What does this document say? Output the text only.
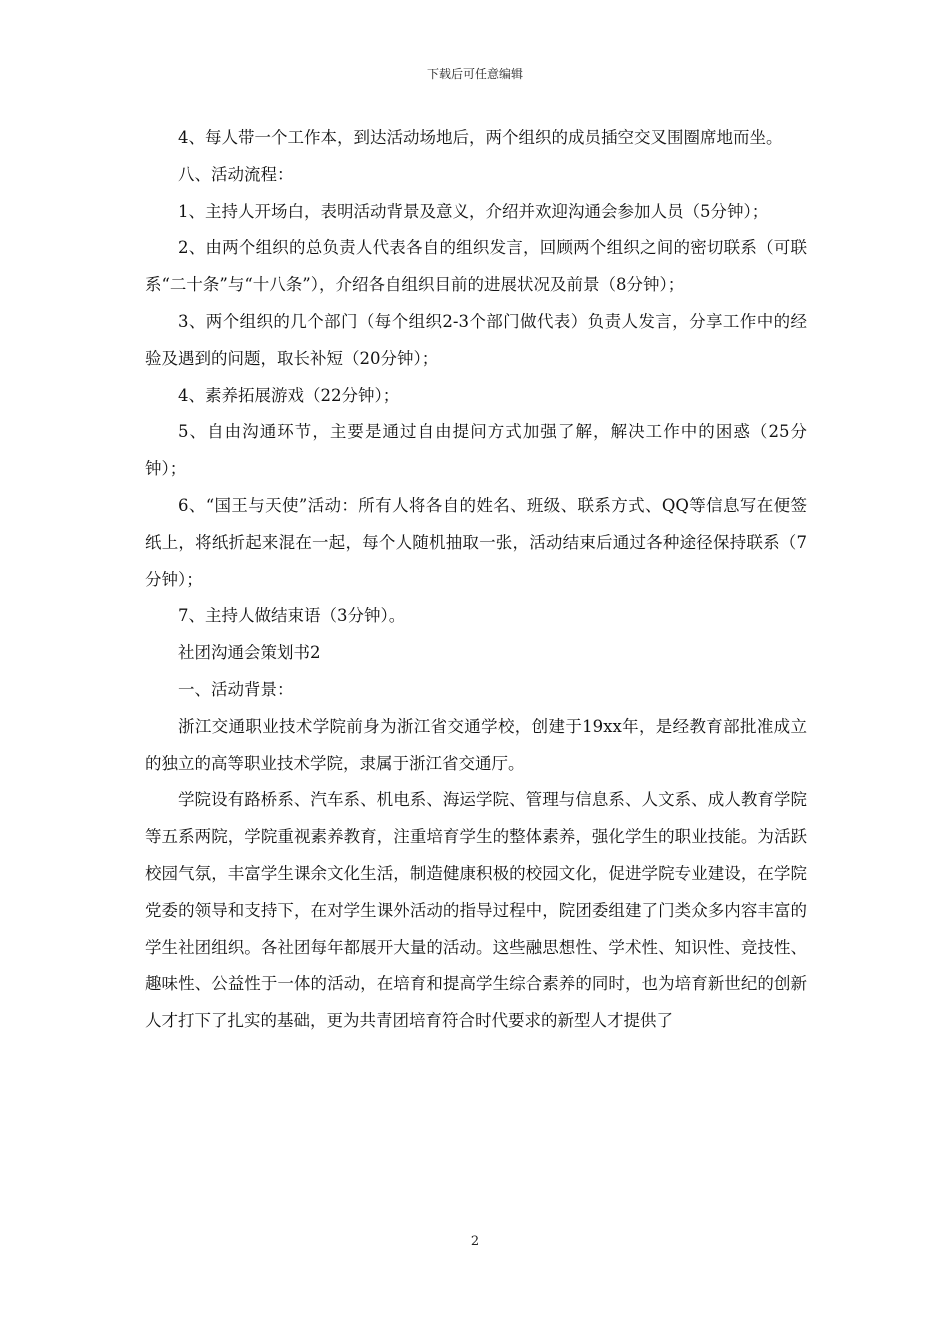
下载后可任意编辑

4、每人带一个工作本，到达活动场地后，两个组织的成员插空交叉围圈席地而坐。

八、活动流程：

1、主持人开场白，表明活动背景及意义，介绍并欢迎沟通会参加人员（5分钟）；

2、由两个组织的总负责人代表各自的组织发言，回顾两个组织之间的密切联系（可联系“二十条”与“十八条”），介绍各自组织目前的进展状况及前景（8分钟）；

3、两个组织的几个部门（每个组织2-3个部门做代表）负责人发言，分享工作中的经验及遇到的问题，取长补短（20分钟）；

4、素养拓展游戏（22分钟）；

5、自由沟通环节，主要是通过自由提问方式加强了解，解决工作中的困惑（25分钟）；

6、“国王与天使”活动：所有人将各自的姓名、班级、联系方式、QQ等信息写在便签纸上，将纸折起来混在一起，每个人随机抽取一张，活动结束后通过各种途径保持联系（7分钟）；

7、主持人做结束语（3分钟）。

社团沟通会策划书2

一、活动背景：

浙江交通职业技术学院前身为浙江省交通学校，创建于19xx年，是经教育部批准成立的独立的高等职业技术学院，隶属于浙江省交通厅。

学院设有路桥系、汽车系、机电系、海运学院、管理与信息系、人文系、成人教育学院等五系两院，学院重视素养教育，注重培育学生的整体素养，强化学生的职业技能。为活跃校园气氛，丰富学生课余文化生活，制造健康积极的校园文化，促进学院专业建设，在学院党委的领导和支持下，在对学生课外活动的指导过程中，院团委组建了门类众多内容丰富的学生社团组织。各社团每年都展开大量的活动。这些融思想性、学术性、知识性、竞技性、趣味性、公益性于一体的活动，在培育和提高学生综合素养的同时，也为培育新世纪的创新人才打下了扎实的基础，更为共青团培育符合时代要求的新型人才提供了

2
